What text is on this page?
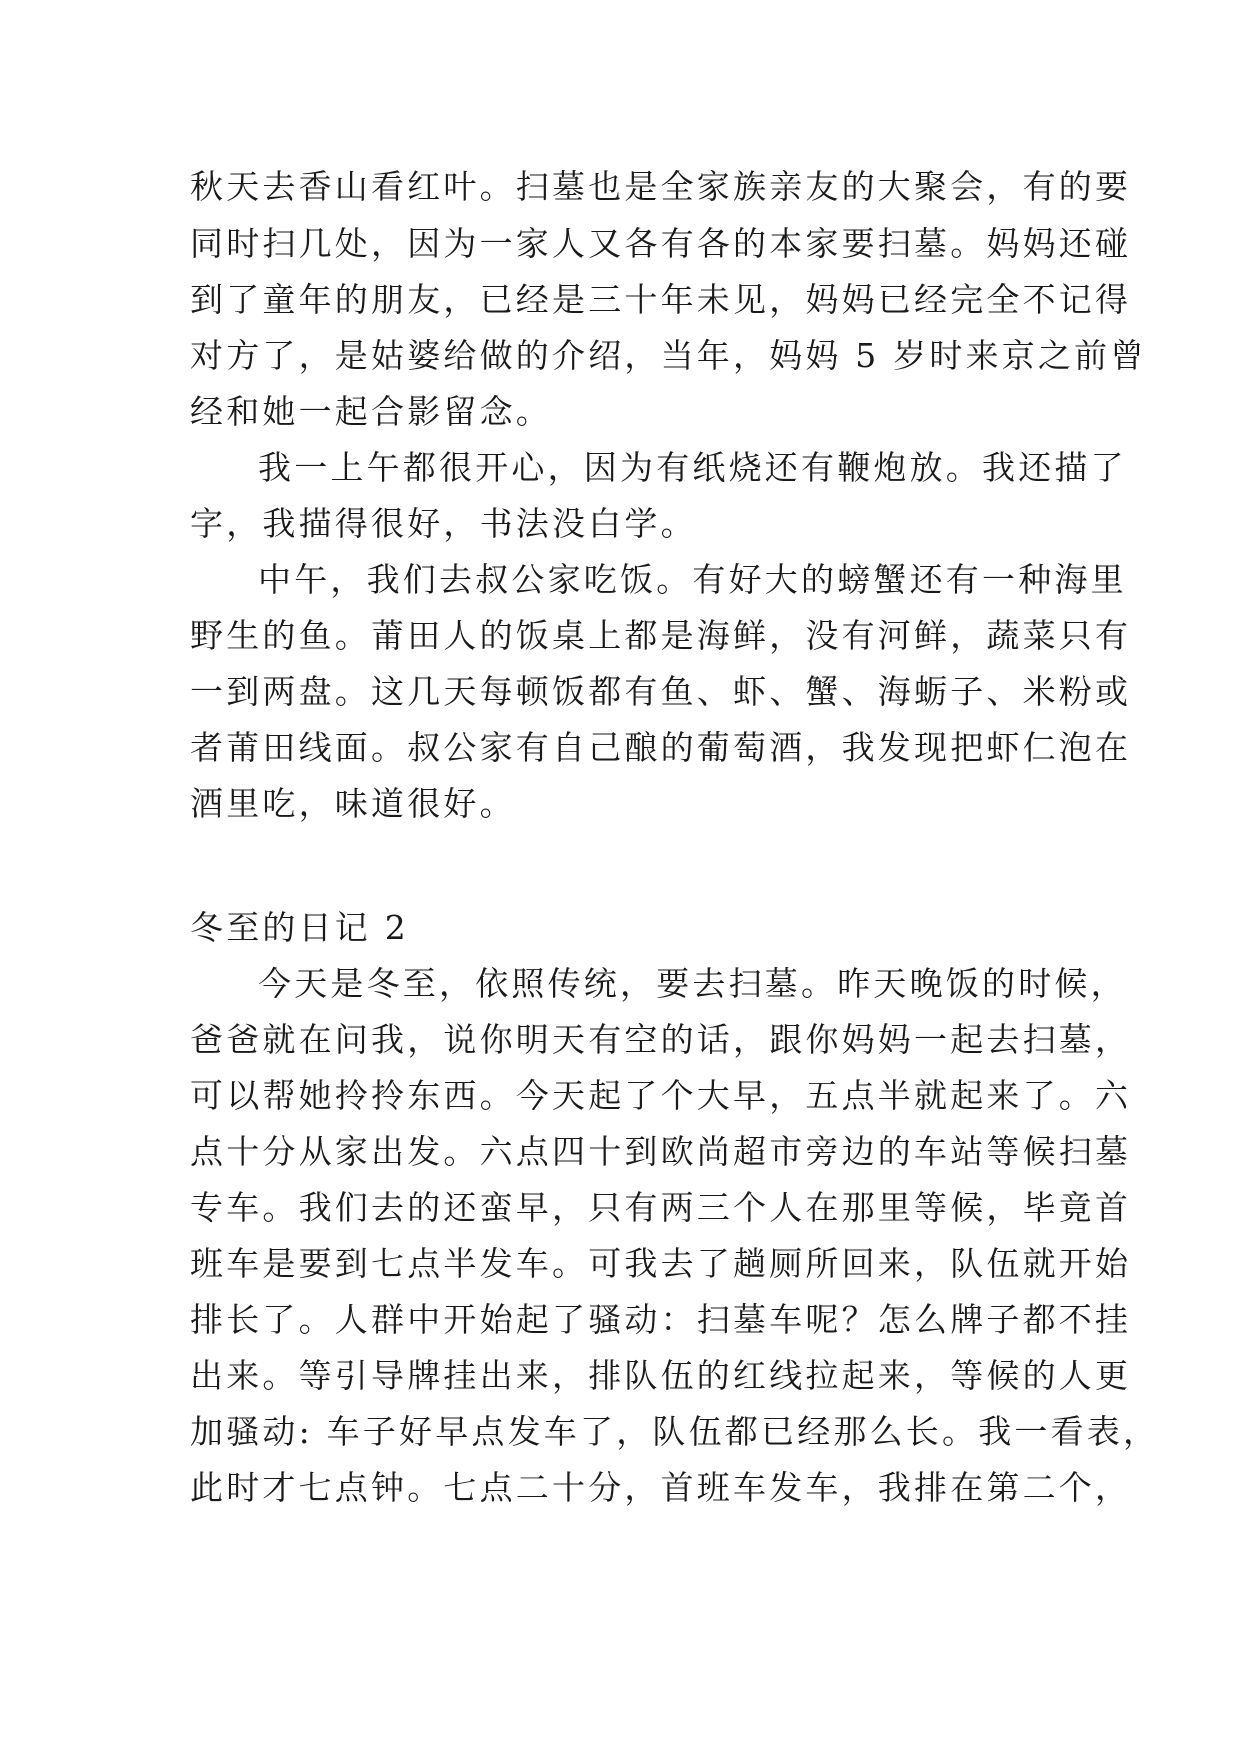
秋天去香山看红叶。扫墓也是全家族亲友的大聚会，有的要
同时扫几处，因为一家人又各有各的本家要扫墓。妈妈还碰
到了童年的朋友，已经是三十年未见，妈妈已经完全不记得
对方了，是姑婆给做的介绍，当年，妈妈 5 岁时来京之前曾
经和她一起合影留念。
我一上午都很开心，因为有纸烧还有鞭炮放。我还描了
字，我描得很好，书法没白学。
中午，我们去叔公家吃饭。有好大的螃蟹还有一种海里
野生的鱼。莆田人的饭桌上都是海鲜，没有河鲜，蔬菜只有
一到两盘。这几天每顿饭都有鱼、虾、蟹、海蛎子、米粉或
者莆田线面。叔公家有自己酿的葡萄酒，我发现把虾仁泡在
酒里吃，味道很好。
冬至的日记 2
今天是冬至，依照传统，要去扫墓。昨天晚饭的时候，
爸爸就在问我，说你明天有空的话，跟你妈妈一起去扫墓，
可以帮她拎拎东西。今天起了个大早，五点半就起来了。六
点十分从家出发。六点四十到欧尚超市旁边的车站等候扫墓
专车。我们去的还蛮早，只有两三个人在那里等候，毕竟首
班车是要到七点半发车。可我去了趟厕所回来，队伍就开始
排长了。人群中开始起了骚动：扫墓车呢？怎么牌子都不挂
出来。等引导牌挂出来，排队伍的红线拉起来，等候的人更
加骚动: 车子好早点发车了，队伍都已经那么长。我一看表，
此时才七点钟。七点二十分，首班车发车，我排在第二个，
